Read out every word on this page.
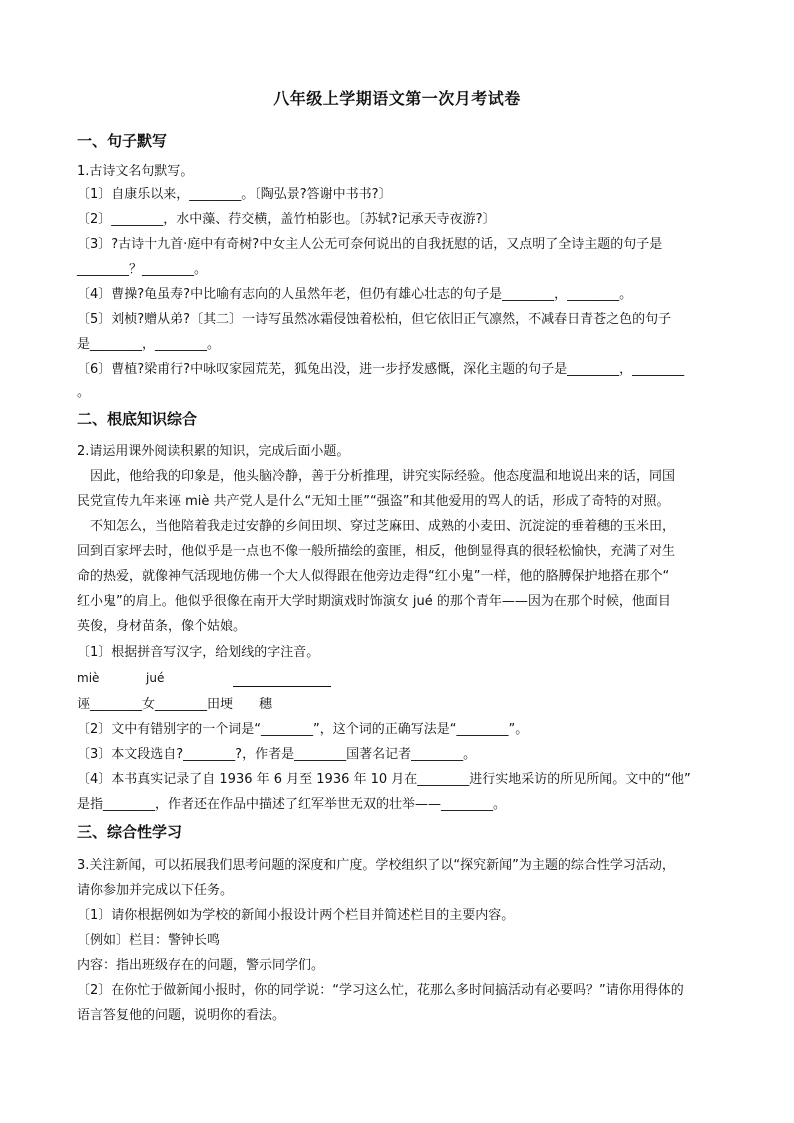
八年级上学期语文第一次月考试卷
一、句子默写
1.古诗文名句默写。
〔1〕自康乐以来，________。〔陶弘景?答谢中书书?〕
〔2〕________，水中藻、荇交横，盖竹柏影也。〔苏轼?记承天寺夜游?〕
〔3〕?古诗十九首·庭中有奇树?中女主人公无可奈何说出的自我抚慰的话，又点明了全诗主题的句子是
________？________。
〔4〕曹操?龟虽寿?中比喻有志向的人虽然年老，但仍有雄心壮志的句子是________，________。
〔5〕刘桢?赠从弟?〔其二〕一诗写虽然冰霜侵蚀着松柏，但它依旧正气凛然，不减春日青苍之色的句子
是________，________。
〔6〕曹植?梁甫行?中咏叹家园荒芜，狐兔出没，进一步抒发感慨，深化主题的句子是________，________
。
二、根底知识综合
2.请运用课外阅读积累的知识，完成后面小题。
　因此，他给我的印象是，他头脑冷静，善于分析推理，讲究实际经验。他态度温和地说出来的话，同国
民党宣传九年来诬 miè 共产党人是什么“无知土匪”“强盗”和其他爱用的骂人的话，形成了奇特的对照。
　不知怎么，当他陪着我走过安静的乡间田坝、穿过芝麻田、成熟的小麦田、沉淀淀的垂着穗的玉米田，
回到百家坪去时，他似乎是一点也不像一般所描绘的蛮匪，相反，他倒显得真的很轻松愉快，充满了对生
命的热爱，就像神气活现地仿佛一个大人似得跟在他旁边走得“红小鬼”一样，他的胳膊保护地搭在那个“
红小鬼”的肩上。他似乎很像在南开大学时期演戏时饰演女 jué 的那个青年——因为在那个时候，他面目
英俊，身材苗条，像个姑娘。
〔1〕根据拼音写汉字，给划线的字注音。
miè	jué
诬________女________田埂　　穗
〔2〕文中有错别字的一个词是“________”，这个词的正确写法是“________”。
〔3〕本文段选自?________?，作者是________国著名记者________。
〔4〕本书真实记录了自 1936 年 6 月至 1936 年 10 月在________进行实地采访的所见所闻。文中的“他”
是指________，作者还在作品中描述了红军举世无双的壮举——________。
三、综合性学习
3.关注新闻，可以拓展我们思考问题的深度和广度。学校组织了以“探究新闻”为主题的综合性学习活动，
请你参加并完成以下任务。
〔1〕请你根据例如为学校的新闻小报设计两个栏目并简述栏目的主要内容。
〔例如〕栏目：警钟长鸣
内容：指出班级存在的问题，警示同学们。
〔2〕在你忙于做新闻小报时，你的同学说：“学习这么忙，花那么多时间搞活动有必要吗？”请你用得体的
语言答复他的问题，说明你的看法。
